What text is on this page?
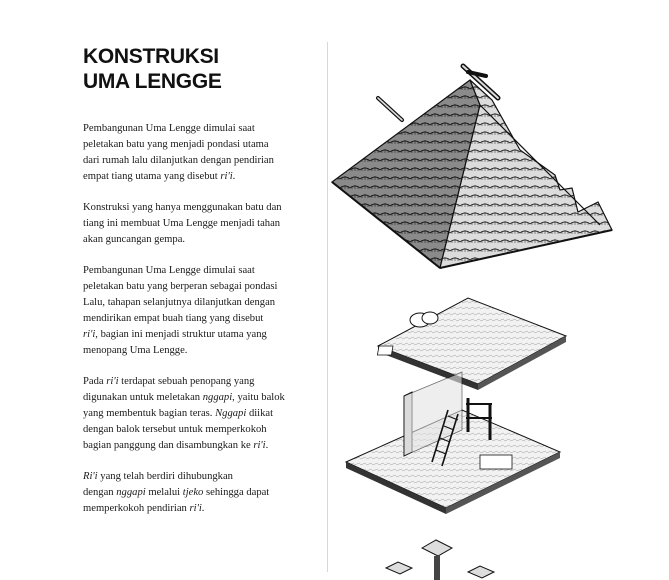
KONSTRUKSI
UMA LENGGE
Pembangunan Uma Lengge dimulai saat
peletakan batu yang menjadi pondasi utama
dari rumah lalu dilanjutkan dengan pendirian
empat tiang utama yang disebut ri'i.
Konstruksi yang hanya menggunakan batu dan
tiang ini membuat Uma Lengge menjadi tahan
akan guncangan gempa.
Pembangunan Uma Lengge dimulai saat
peletakan batu yang berperan sebagai pondasi
Lalu, tahapan selanjutnya dilanjutkan dengan
mendirikan empat buah tiang yang disebut
ri'i, bagian ini menjadi struktur utama yang
menopang Uma Lengge.
Pada ri'i terdapat sebuah penopang yang
digunakan untuk meletakan nggapi, yaitu balok
yang membentuk bagian teras. Nggapi diikat
dengan balok tersebut untuk memperkokoh
bagian panggung dan disambungkan ke ri'i.
Ri'i yang telah berdiri dihubungkan
dengan nggapi melalui tjeko sehingga dapat
memperkokoh pendirian ri'i.
